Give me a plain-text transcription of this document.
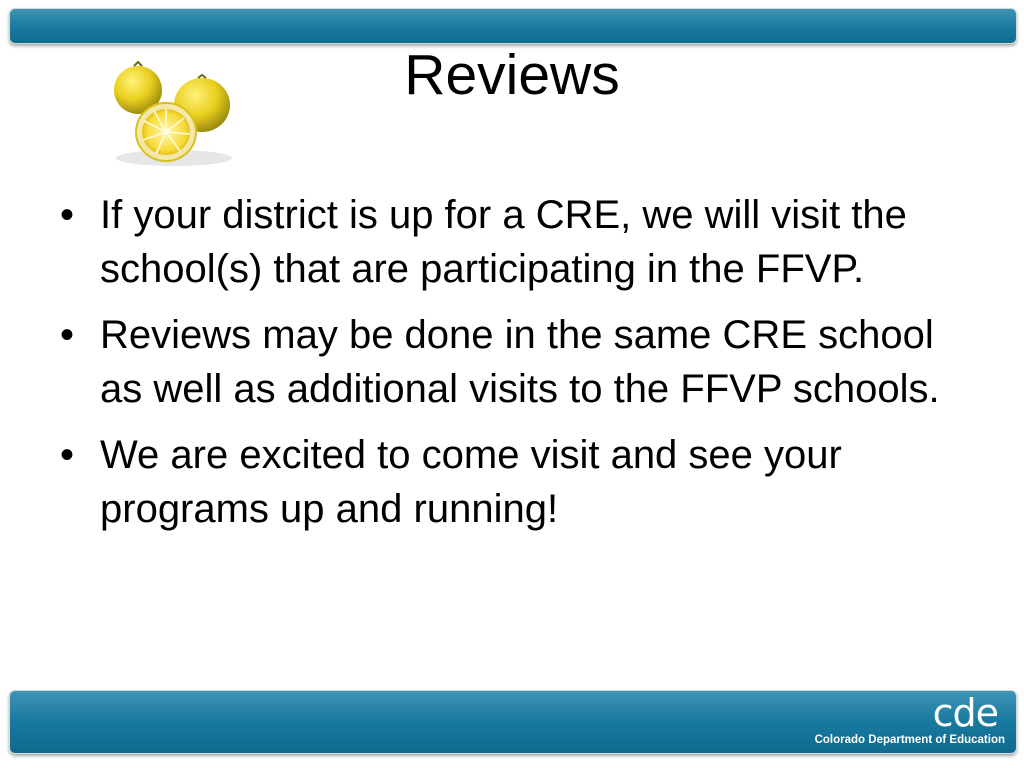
Reviews
• If your district is up for a CRE, we will visit the school(s) that are participating in the FFVP.
• Reviews may be done in the same CRE school as well as additional visits to the FFVP schools.
• We are excited to come visit and see your programs up and running!
cde
Colorado Department of Education
